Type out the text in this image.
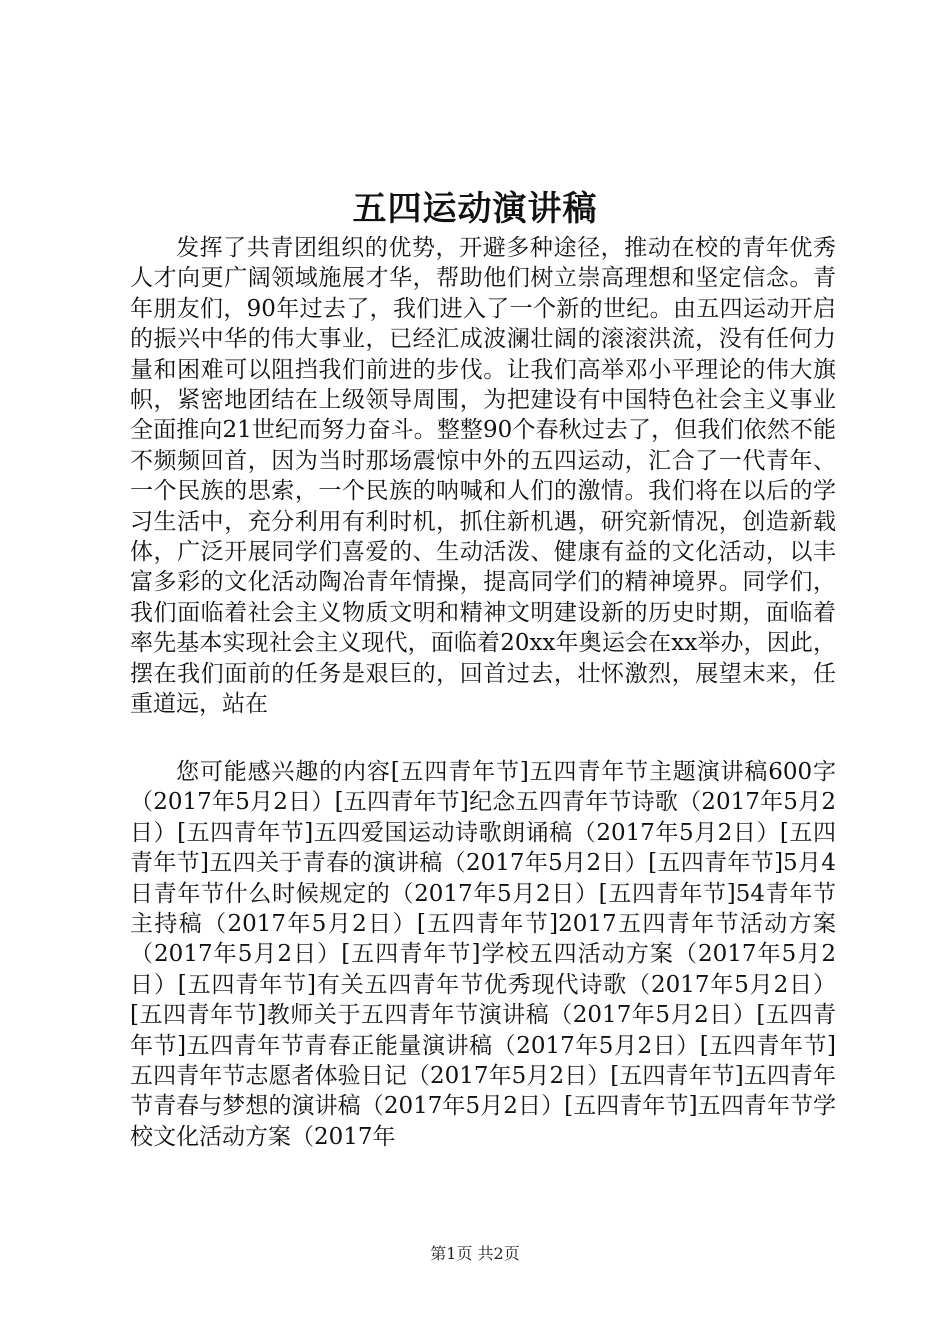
五四运动演讲稿

发挥了共青团组织的优势，开避多种途径，推动在校的青年优秀人才向更广阔领域施展才华，帮助他们树立崇高理想和坚定信念。青年朋友们，90年过去了，我们进入了一个新的世纪。由五四运动开启的振兴中华的伟大事业，已经汇成波澜壮阔的滚滚洪流，没有任何力量和困难可以阻挡我们前进的步伐。让我们高举邓小平理论的伟大旗帜，紧密地团结在上级领导周围，为把建设有中国特色社会主义事业全面推向21世纪而努力奋斗。整整90个春秋过去了，但我们依然不能不频频回首，因为当时那场震惊中外的五四运动，汇合了一代青年、一个民族的思索，一个民族的呐喊和人们的激情。我们将在以后的学习生活中，充分利用有利时机，抓住新机遇，研究新情况，创造新载体，广泛开展同学们喜爱的、生动活泼、健康有益的文化活动，以丰富多彩的文化活动陶冶青年情操，提高同学们的精神境界。同学们，我们面临着社会主义物质文明和精神文明建设新的历史时期，面临着率先基本实现社会主义现代，面临着20xx年奥运会在xx举办，因此，摆在我们面前的任务是艰巨的，回首过去，壮怀激烈，展望末来，任重道远，站在

您可能感兴趣的内容[五四青年节]五四青年节主题演讲稿600字（2017年5月2日）[五四青年节]纪念五四青年节诗歌（2017年5月2日）[五四青年节]五四爱国运动诗歌朗诵稿（2017年5月2日）[五四青年节]五四关于青春的演讲稿（2017年5月2日）[五四青年节]5月4日青年节什么时候规定的（2017年5月2日）[五四青年节]54青年节主持稿（2017年5月2日）[五四青年节]2017五四青年节活动方案（2017年5月2日）[五四青年节]学校五四活动方案（2017年5月2日）[五四青年节]有关五四青年节优秀现代诗歌（2017年5月2日）[五四青年节]教师关于五四青年节演讲稿（2017年5月2日）[五四青年节]五四青年节青春正能量演讲稿（2017年5月2日）[五四青年节]五四青年节志愿者体验日记（2017年5月2日）[五四青年节]五四青年节青春与梦想的演讲稿（2017年5月2日）[五四青年节]五四青年节学校文化活动方案（2017年

第1页 共2页
